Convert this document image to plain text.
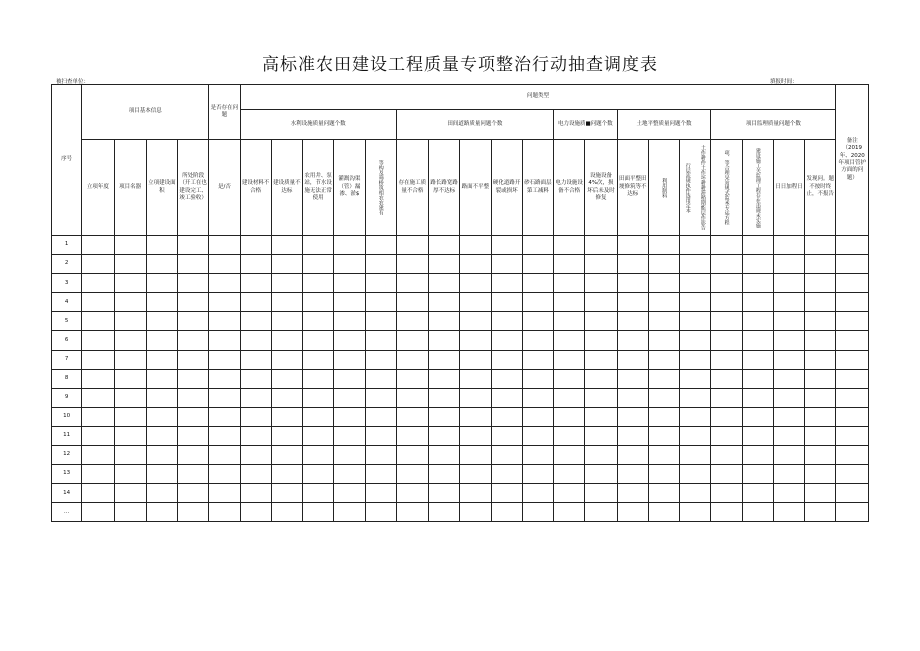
高标准农田建设工程质量专项整治行动抽查调度表
被扫查单位：	填报时间：
序号	项目基本信息				是否存在问题	问题类型																			备注（2019年、2020年项目管护方面的问题）
						水利设施质量问题个数					田间道路质量问题个数					电力设施质■问题个数		土地平整质量问题个数			项目监理质量问题个数				
	立项年度	项目名器	立项建设面积	所处阶段（开工在也建设完工、竣工验收）	是/否	建设材料不合格	建设质量不达标	农用井、泵站，节水设施无法正常使用	灌溉沟渠（管）漏渗、淤$	等构及筛桥筑相农农建有	存在施工质量不合格	路长路宽路厚不达标	路面不平整	硬化道路开裂或损坏	砂石路面层第工减料	电力设施设备不合格	设施设备4%次，损坏后未及时修复	田面平整田埂修筑等不达标	利用制料	行层流规执件选用定本 土作耕件土作坏耕耕滞稍期能层作影告	项、等合理呆站规式监米专运方程	建设施工关监理工程存在违规未实施	日日加程日	发现问。题不按时终止，不报告	
1																									
2																									
3																									
4																									
5																									
6																									
7																									
8																									
9																									
10																									
11																									
12																									
13																									
14																									
…																									
